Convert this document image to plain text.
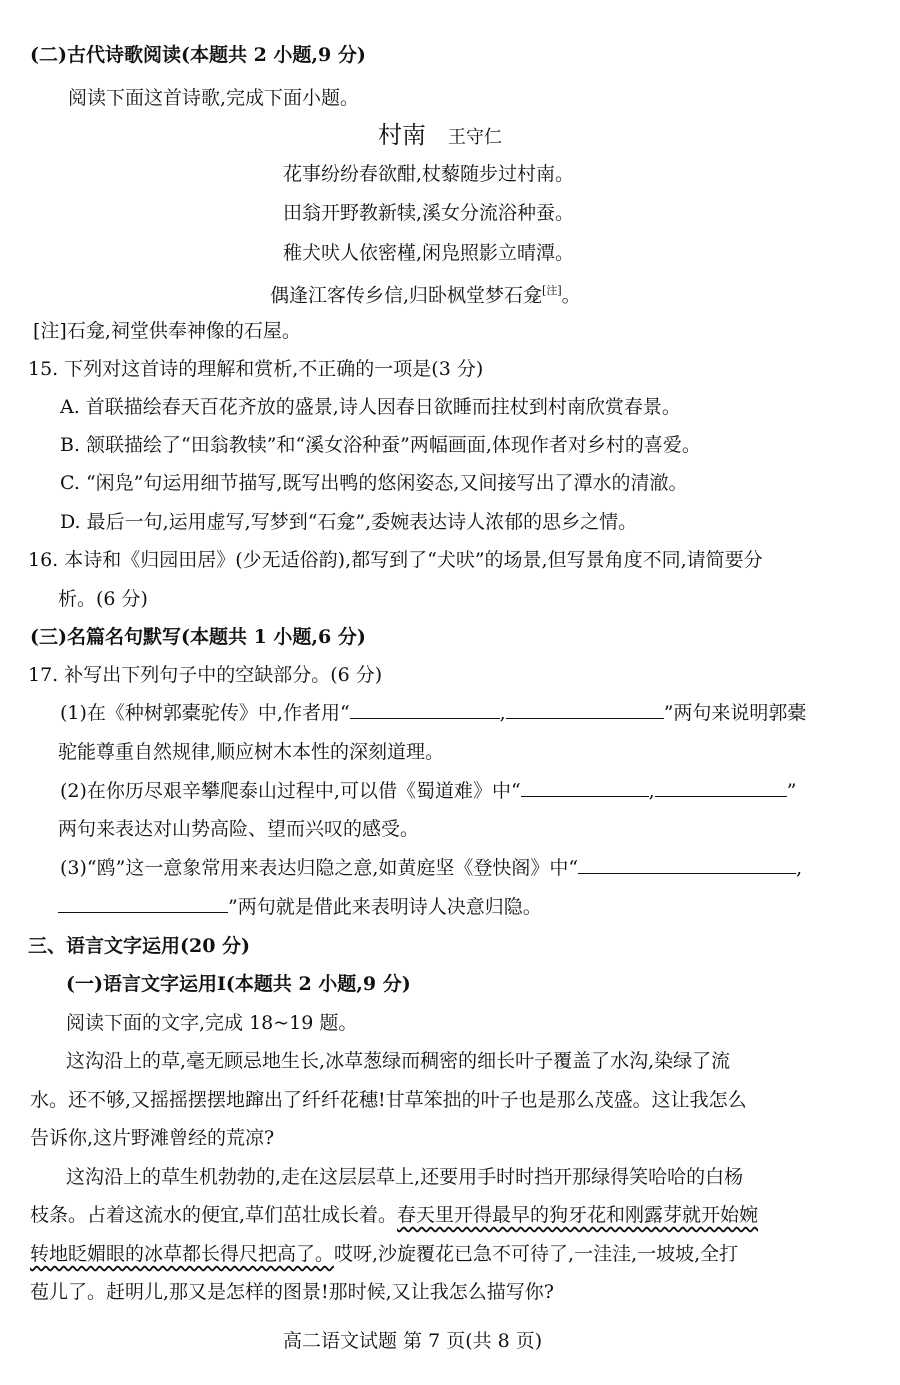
(二)古代诗歌阅读(本题共 2 小题,9 分)
阅读下面这首诗歌,完成下面小题。
村南 王守仁
花事纷纷春欲酣,杖藜随步过村南。
田翁开野教新犊,溪女分流浴种蚕。
稚犬吠人依密槿,闲凫照影立晴潭。
偶逢江客传乡信,归卧枫堂梦石龛[注]。
[注]石龛,祠堂供奉神像的石屋。
15. 下列对这首诗的理解和赏析,不正确的一项是(3 分)
A. 首联描绘春天百花齐放的盛景,诗人因春日欲睡而拄杖到村南欣赏春景。
B. 颔联描绘了“田翁教犊”和“溪女浴种蚕”两幅画面,体现作者对乡村的喜爱。
C. “闲凫”句运用细节描写,既写出鸭的悠闲姿态,又间接写出了潭水的清澈。
D. 最后一句,运用虚写,写梦到“石龛”,委婉表达诗人浓郁的思乡之情。
16. 本诗和《归园田居》(少无适俗韵),都写到了“犬吠”的场景,但写景角度不同,请简要分
析。(6 分)
(三)名篇名句默写(本题共 1 小题,6 分)
17. 补写出下列句子中的空缺部分。(6 分)
(1)在《种树郭橐驼传》中,作者用“	,	”两句来说明郭橐
驼能尊重自然规律,顺应树木本性的深刻道理。
(2)在你历尽艰辛攀爬泰山过程中,可以借《蜀道难》中“	,	”
两句来表达对山势高险、望而兴叹的感受。
(3)“鸥”这一意象常用来表达归隐之意,如黄庭坚《登快阁》中“	,
”两句就是借此来表明诗人决意归隐。
三、语言文字运用(20 分)
(一)语言文字运用Ⅰ(本题共 2 小题,9 分)
阅读下面的文字,完成 18~19 题。
这沟沿上的草,毫无顾忌地生长,冰草葱绿而稠密的细长叶子覆盖了水沟,染绿了流
水。还不够,又摇摇摆摆地蹿出了纤纤花穗!甘草笨拙的叶子也是那么茂盛。这让我怎么
告诉你,这片野滩曾经的荒凉?
这沟沿上的草生机勃勃的,走在这层层草上,还要用手时时挡开那绿得笑哈哈的白杨
枝条。占着这流水的便宜,草们茁壮成长着。春天里开得最早的狗牙花和刚露芽就开始婉
转地眨媚眼的冰草都长得尺把高了。哎呀,沙旋覆花已急不可待了,一洼洼,一坡坡,全打
苞儿了。赶明儿,那又是怎样的图景!那时候,又让我怎么描写你?
高二语文试题 第 7 页(共 8 页)
